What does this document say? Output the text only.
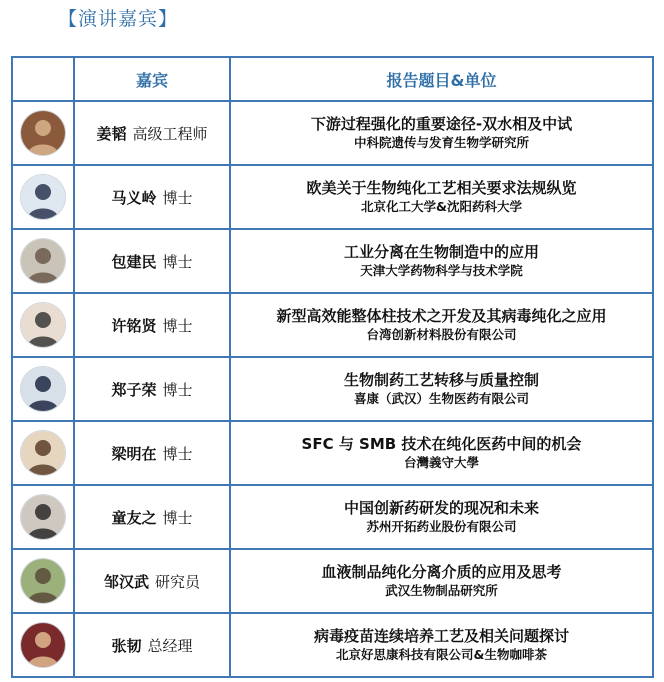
【演讲嘉宾】
	嘉宾	报告题目&单位
	姜韬 高级工程师	下游过程强化的重要途径-双水相及中试
中科院遗传与发育生物学研究所

	马义岭 博士	欧美关于生物纯化工艺相关要求法规纵览
北京化工大学&沈阳药科大学

	包建民 博士	工业分离在生物制造中的应用
天津大学药物科学与技术学院

	许铭贤 博士	新型高效能整体柱技术之开发及其病毒纯化之应用
台湾创新材料股份有限公司

	郑子荣 博士	生物制药工艺转移与质量控制
喜康（武汉）生物医药有限公司

	梁明在 博士	SFC 与 SMB 技术在纯化医药中间的机会
台灣義守大學

	童友之 博士	中国创新药研发的现况和未来
苏州开拓药业股份有限公司

	邹汉武 研究员	血液制品纯化分离介质的应用及思考
武汉生物制品研究所

	张韧 总经理	病毒疫苗连续培养工艺及相关问题探讨
北京好思康科技有限公司&生物咖啡茶
